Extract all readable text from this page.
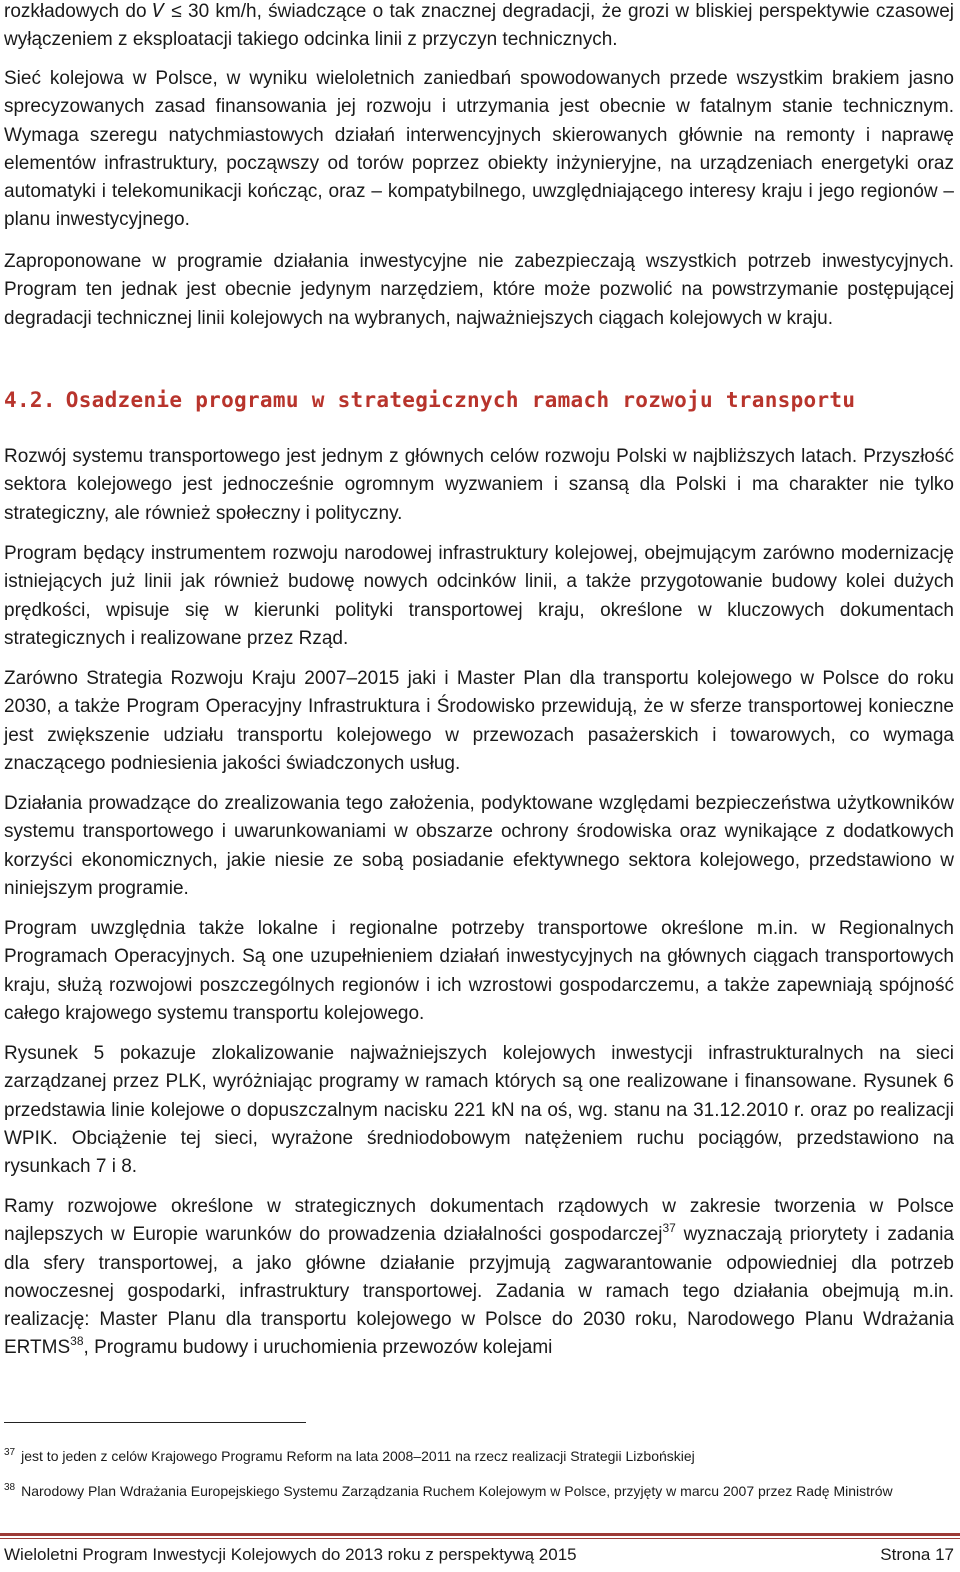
rozkładowych do 𝑉 ≤ 30 km/h, świadczące o tak znacznej degradacji, że grozi w bliskiej perspektywie czasowej wyłączeniem z eksploatacji takiego odcinka linii z przyczyn technicznych.

Sieć kolejowa w Polsce, w wyniku wieloletnich zaniedbań spowodowanych przede wszystkim brakiem jasno sprecyzowanych zasad finansowania jej rozwoju i utrzymania jest obecnie w fatalnym stanie technicznym. Wymaga szeregu natychmiastowych działań interwencyjnych skierowanych głównie na remonty i naprawę elementów infrastruktury, począwszy od torów poprzez obiekty inżynieryjne, na urządzeniach energetyki oraz automatyki i telekomunikacji kończąc, oraz – kompatybilnego, uwzględniającego interesy kraju i jego regionów – planu inwestycyjnego.

Zaproponowane w programie działania inwestycyjne nie zabezpieczają wszystkich potrzeb inwestycyjnych. Program ten jednak jest obecnie jedynym narzędziem, które może pozwolić na powstrzymanie postępującej degradacji technicznej linii kolejowych na wybranych, najważniejszych ciągach kolejowych w kraju.

4.2. Osadzenie programu w strategicznych ramach rozwoju transportu

Rozwój systemu transportowego jest jednym z głównych celów rozwoju Polski w najbliższych latach. Przyszłość sektora kolejowego jest jednocześnie ogromnym wyzwaniem i szansą dla Polski i ma charakter nie tylko strategiczny, ale również społeczny i polityczny.

Program będący instrumentem rozwoju narodowej infrastruktury kolejowej, obejmującym zarówno modernizację istniejących już linii jak również budowę nowych odcinków linii, a także przygotowanie budowy kolei dużych prędkości, wpisuje się w kierunki polityki transportowej kraju, określone w kluczowych dokumentach strategicznych i realizowane przez Rząd.

Zarówno Strategia Rozwoju Kraju 2007–2015 jaki i Master Plan dla transportu kolejowego w Polsce do roku 2030, a także Program Operacyjny Infrastruktura i Środowisko przewidują, że w sferze transportowej konieczne jest zwiększenie udziału transportu kolejowego w przewozach pasażerskich i towarowych, co wymaga znaczącego podniesienia jakości świadczonych usług.

Działania prowadzące do zrealizowania tego założenia, podyktowane względami bezpieczeństwa użytkowników systemu transportowego i uwarunkowaniami w obszarze ochrony środowiska oraz wynikające z dodatkowych korzyści ekonomicznych, jakie niesie ze sobą posiadanie efektywnego sektora kolejowego, przedstawiono w niniejszym programie.

Program uwzględnia także lokalne i regionalne potrzeby transportowe określone m.in. w Regionalnych Programach Operacyjnych. Są one uzupełnieniem działań inwestycyjnych na głównych ciągach transportowych kraju, służą rozwojowi poszczególnych regionów i ich wzrostowi gospodarczemu, a także zapewniają spójność całego krajowego systemu transportu kolejowego.

Rysunek 5 pokazuje zlokalizowanie najważniejszych kolejowych inwestycji infrastrukturalnych na sieci zarządzanej przez PLK, wyróżniając programy w ramach których są one realizowane i finansowane. Rysunek 6 przedstawia linie kolejowe o dopuszczalnym nacisku 221 kN na oś, wg. stanu na 31.12.2010 r. oraz po realizacji WPIK. Obciążenie tej sieci, wyrażone średniodobowym natężeniem ruchu pociągów, przedstawiono na rysunkach 7 i 8.

Ramy rozwojowe określone w strategicznych dokumentach rządowych w zakresie tworzenia w Polsce najlepszych w Europie warunków do prowadzenia działalności gospodarczej$^{37}$ wyznaczają priorytety i zadania dla sfery transportowej, a jako główne działanie przyjmują zagwarantowanie odpowiedniej dla potrzeb nowoczesnej gospodarki, infrastruktury transportowej. Zadania w ramach tego działania obejmują m.in. realizację: Master Planu dla transportu kolejowego w Polsce do 2030 roku, Narodowego Planu Wdrażania ERTMS$^{38}$, Programu budowy i uruchomienia przewozów kolejami

$^{37}$ jest to jeden z celów Krajowego Programu Reform na lata 2008–2011 na rzecz realizacji Strategii Lizbońskiej
$^{38}$ Narodowy Plan Wdrażania Europejskiego Systemu Zarządzania Ruchem Kolejowym w Polsce, przyjęty w marcu 2007 przez Radę Ministrów
Wieloletni Program Inwestycji Kolejowych do 2013 roku z perspektywą 2015	Strona 17
